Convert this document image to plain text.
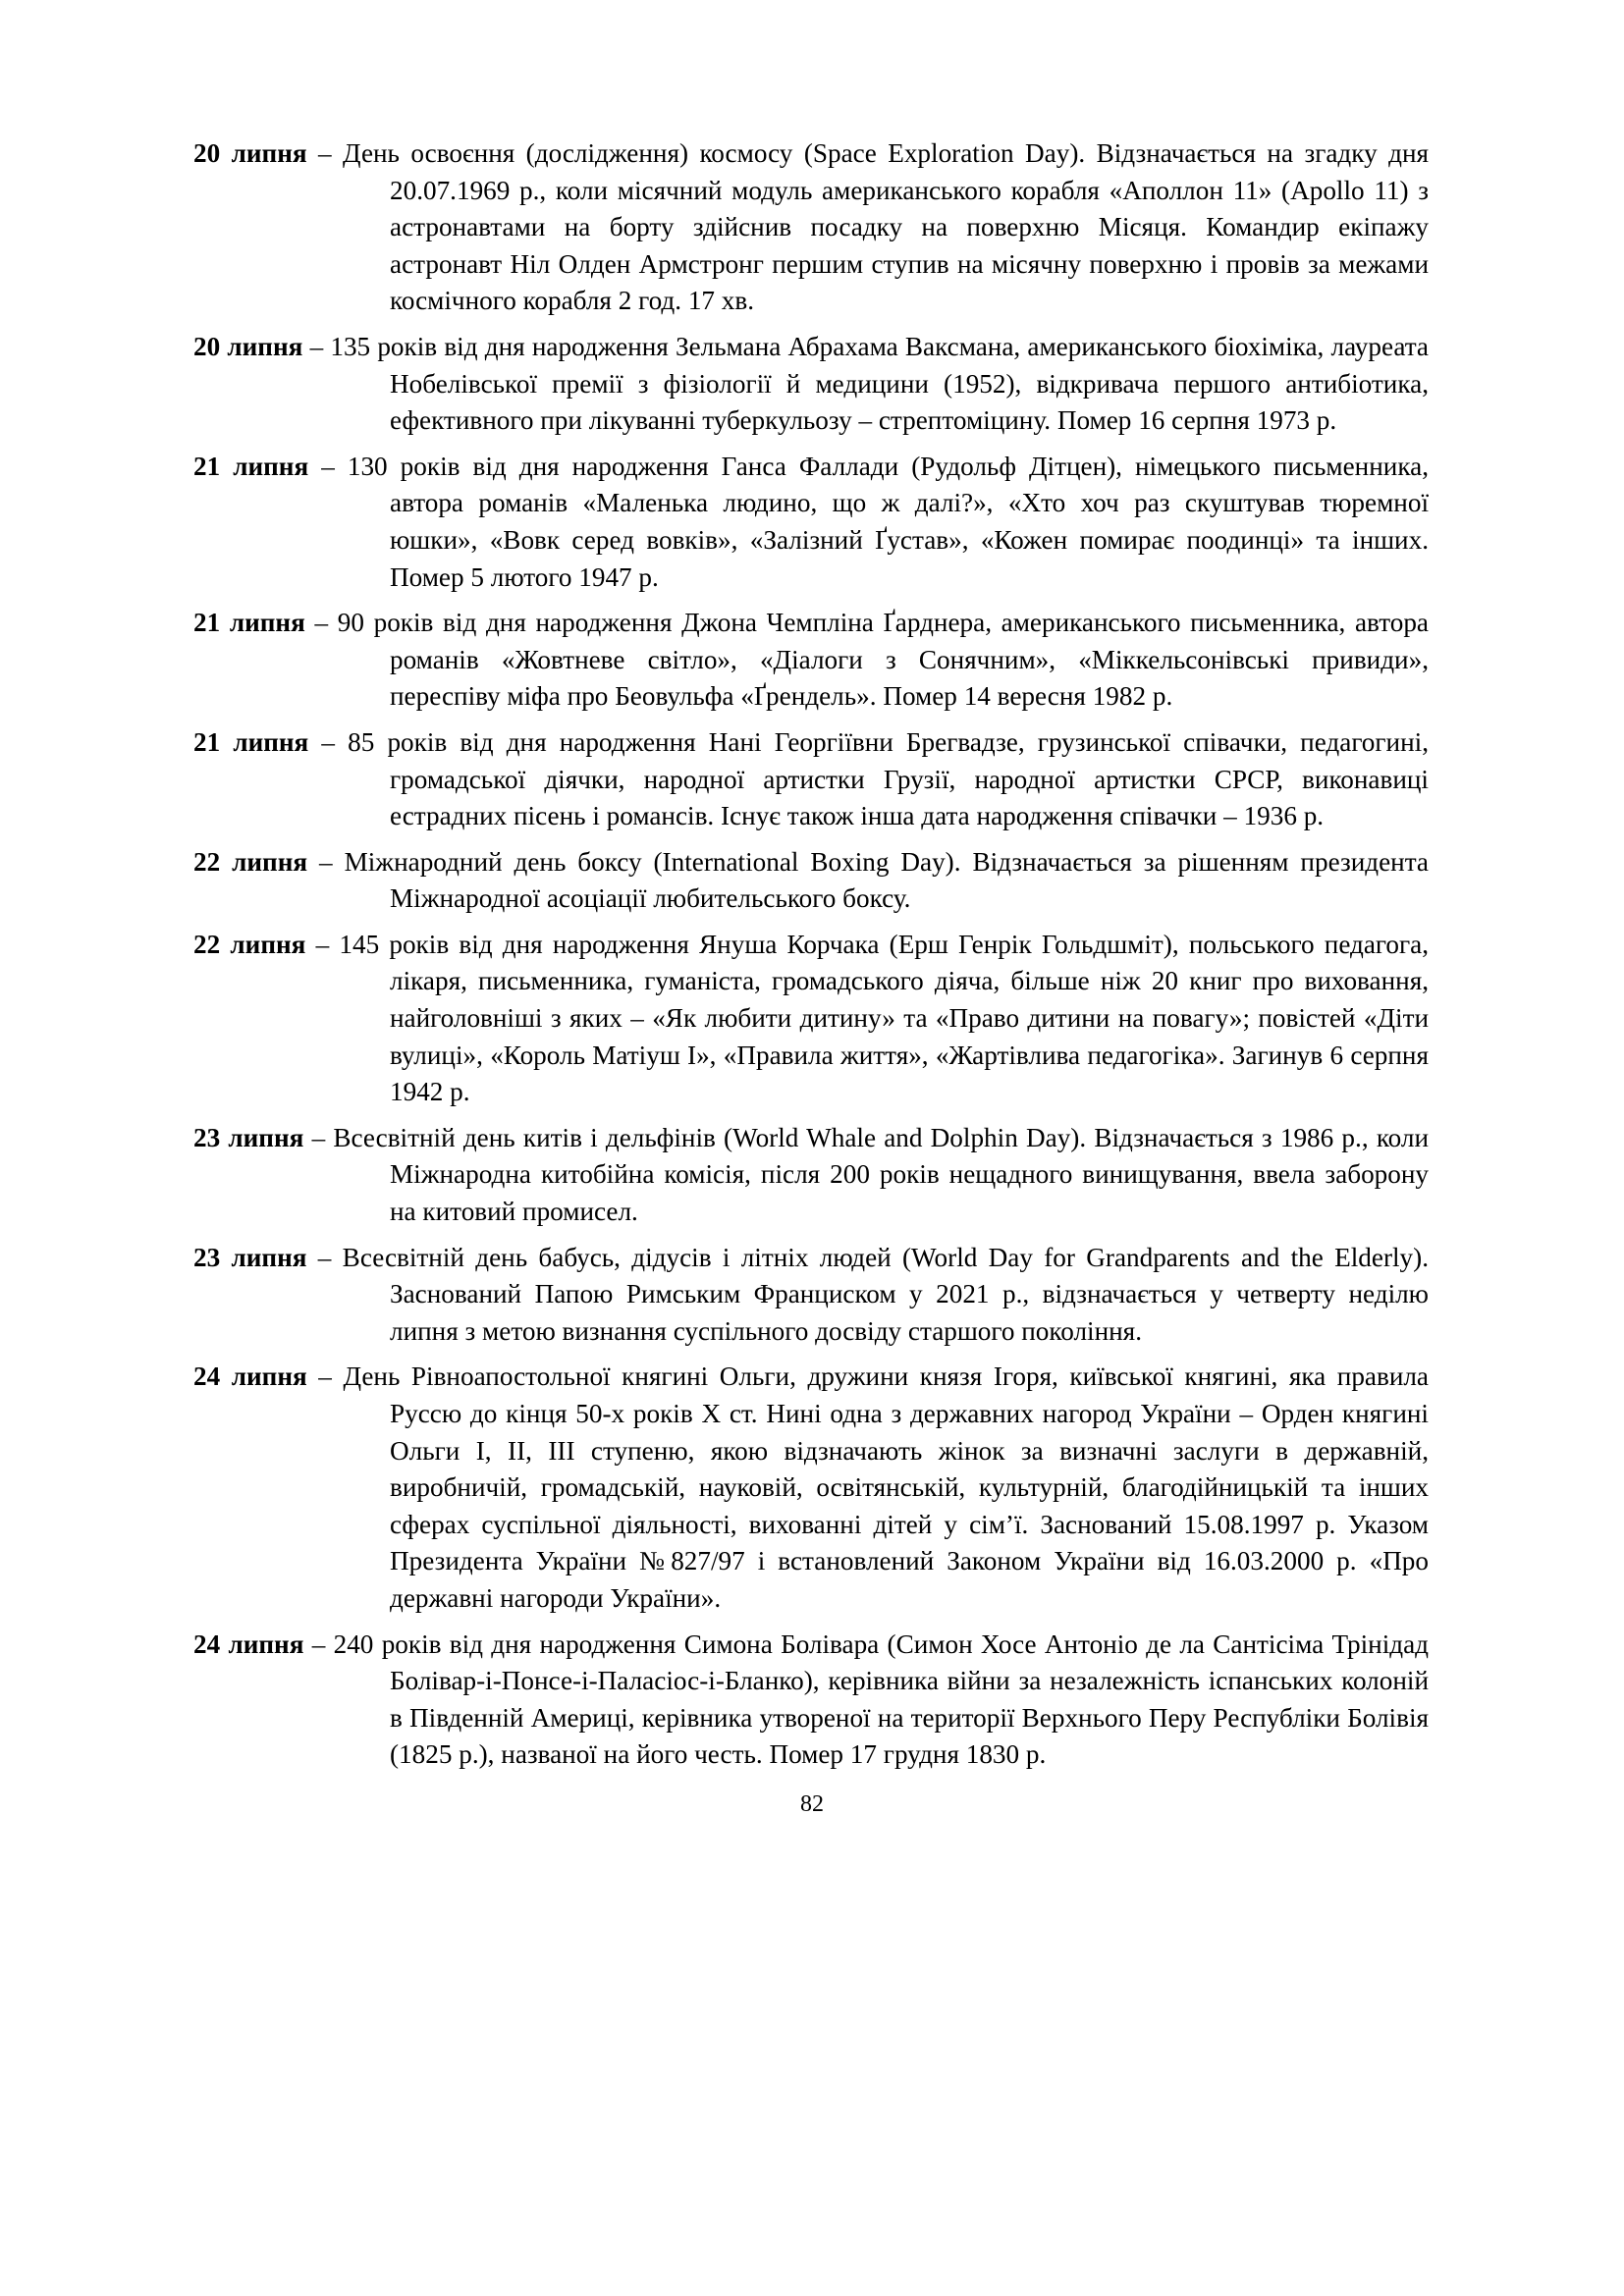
20 липня – День освоєння (дослідження) космосу (Space Exploration Day). Відзначається на згадку дня 20.07.1969 р., коли місячний модуль американського корабля «Аполлон 11» (Apollo 11) з астронавтами на борту здійснив посадку на поверхню Місяця. Командир екіпажу астронавт Ніл Олден Армстронг першим ступив на місячну поверхню і провів за межами космічного корабля 2 год. 17 хв.

20 липня – 135 років від дня народження Зельмана Абрахама Ваксмана, американського біохіміка, лауреата Нобелівської премії з фізіології й медицини (1952), відкривача першого антибіотика, ефективного при лікуванні туберкульозу – стрептоміцину. Помер 16 серпня 1973 р.

21 липня – 130 років від дня народження Ганса Фаллади (Рудольф Дітцен), німецького письменника, автора романів «Маленька людино, що ж далі?», «Хто хоч раз скуштував тюремної юшки», «Вовк серед вовків», «Залізний Ґустав», «Кожен помирає поодинці» та інших. Помер 5 лютого 1947 р.

21 липня – 90 років від дня народження Джона Чемпліна Ґарднера, американського письменника, автора романів «Жовтневе світло», «Діалоги з Сонячним», «Міккельсонівські привиди», переспіву міфа про Беовульфа «Ґрендель». Помер 14 вересня 1982 р.

21 липня – 85 років від дня народження Нані Георгіївни Брегвадзе, грузинської співачки, педагогині, громадської діячки, народної артистки Грузії, народної артистки СРСР, виконавиці естрадних пісень і романсів. Існує також інша дата народження співачки – 1936 р.

22 липня – Міжнародний день боксу (International Boxing Day). Відзначається за рішенням президента Міжнародної асоціації любительського боксу.

22 липня – 145 років від дня народження Януша Корчака (Ерш Генрік Гольдшміт), польського педагога, лікаря, письменника, гуманіста, громадського діяча, більше ніж 20 книг про виховання, найголовніші з яких – «Як любити дитину» та «Право дитини на повагу»; повістей «Діти вулиці», «Король Матіуш І», «Правила життя», «Жартівлива педагогіка». Загинув 6 серпня 1942 р.

23 липня – Всесвітній день китів і дельфінів (World Whale and Dolphin Day). Відзначається з 1986 р., коли Міжнародна китобійна комісія, після 200 років нещадного винищування, ввела заборону на китовий промисел.

23 липня – Всесвітній день бабусь, дідусів і літніх людей (World Day for Grandparents and the Elderly). Заснований Папою Римським Франциском у 2021 р., відзначається у четверту неділю липня з метою визнання суспільного досвіду старшого покоління.

24 липня – День Рівноапостольної княгині Ольги, дружини князя Ігоря, київської княгині, яка правила Руссю до кінця 50-х років Х ст. Нині одна з державних нагород України – Орден княгині Ольги I, II, III ступеню, якою відзначають жінок за визначні заслуги в державній, виробничій, громадській, науковій, освітянській, культурній, благодійницькій та інших сферах суспільної діяльності, вихованні дітей у сім’ї. Заснований 15.08.1997 р. Указом Президента України №827/97 і встановлений Законом України від 16.03.2000 р. «Про державні нагороди України».

24 липня – 240 років від дня народження Симона Болівара (Симон Хосе Антоніо де ла Сантісіма Трінідад Болівар-і-Понсе-і-Паласіос-і-Бланко), керівника війни за незалежність іспанських колоній в Південній Америці, керівника утвореної на території Верхнього Перу Республіки Болівія (1825 р.), названої на його честь. Помер 17 грудня 1830 р.

82
